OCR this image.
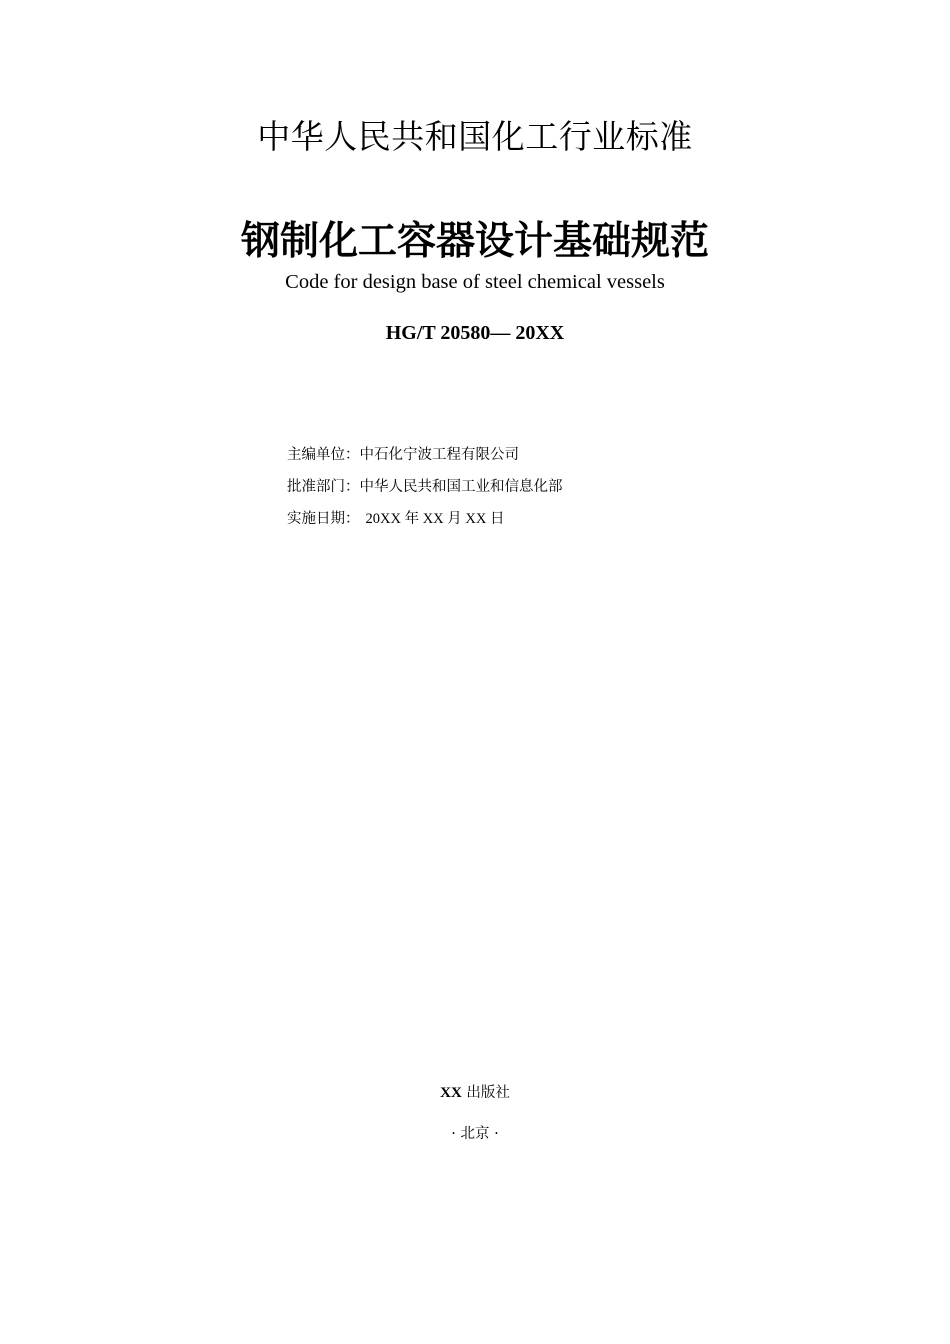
中华人民共和国化工行业标准
钢制化工容器设计基础规范
Code for design base of steel chemical vessels
HG/T 20580— 20XX
主编单位：中石化宁波工程有限公司
批准部门：中华人民共和国工业和信息化部
实施日期： 20XX 年 XX 月 XX 日
XX 出版社
· 北京 ·
